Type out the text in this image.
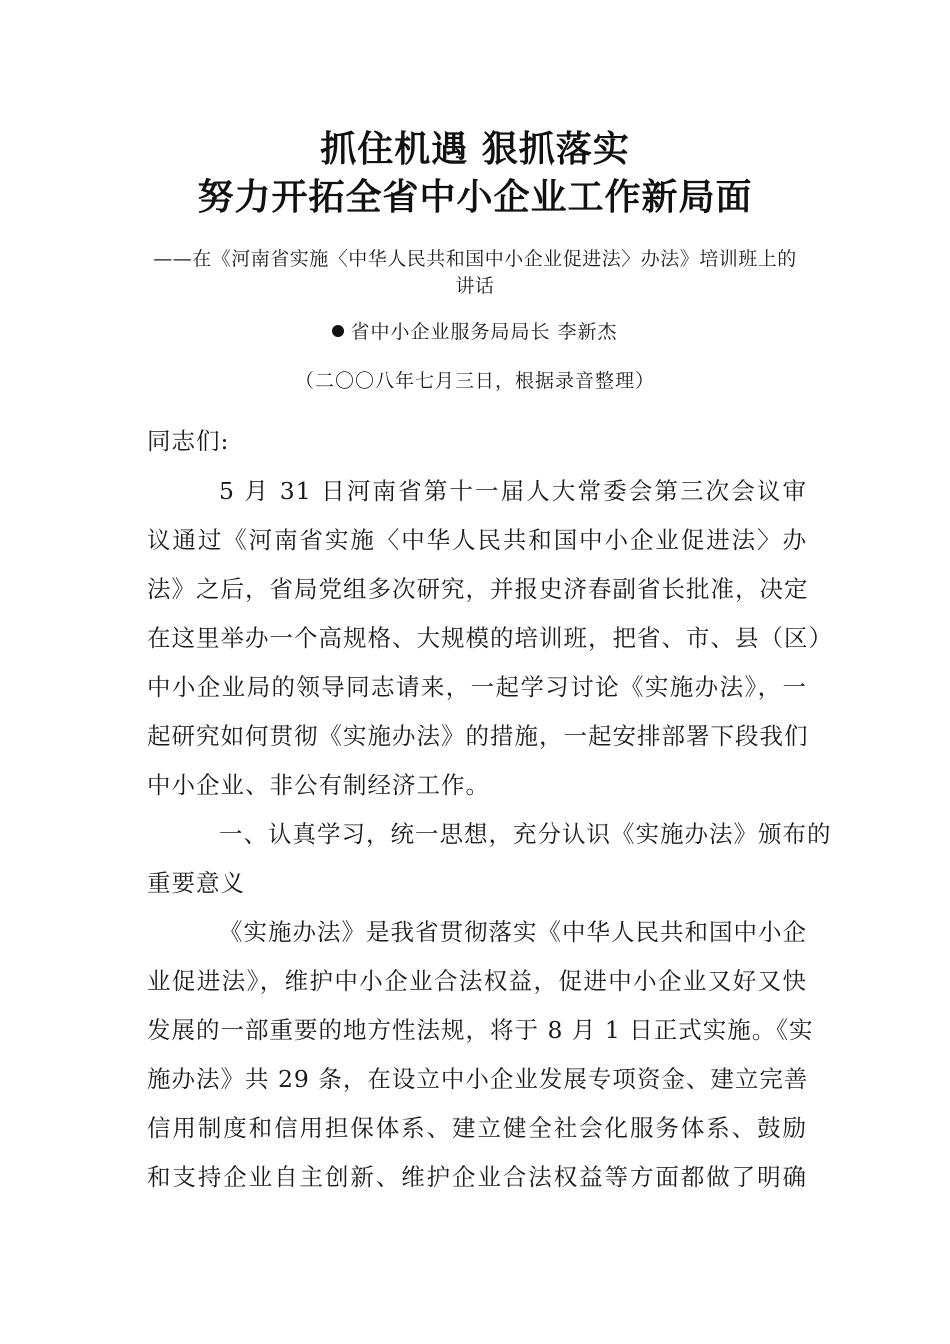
抓住机遇 狠抓落实
努力开拓全省中小企业工作新局面
——在《河南省实施〈中华人民共和国中小企业促进法〉办法》培训班上的讲话
省中小企业服务局局长 李新杰
（二〇〇八年七月三日，根据录音整理）
同志们:
5 月 31 日河南省第十一届人大常委会第三次会议审
议通过《河南省实施〈中华人民共和国中小企业促进法〉办
法》之后，省局党组多次研究，并报史济春副省长批准，决定
在这里举办一个高规格、大规模的培训班，把省、市、县（区）
中小企业局的领导同志请来，一起学习讨论《实施办法》，一
起研究如何贯彻《实施办法》的措施，一起安排部署下段我们
中小企业、非公有制经济工作。
一、认真学习，统一思想，充分认识《实施办法》颁布的
重要意义
《实施办法》是我省贯彻落实《中华人民共和国中小企
业促进法》，维护中小企业合法权益，促进中小企业又好又快
发展的一部重要的地方性法规，将于 8 月 1 日正式实施。《实
施办法》共 29 条，在设立中小企业发展专项资金、建立完善
信用制度和信用担保体系、建立健全社会化服务体系、鼓励
和支持企业自主创新、维护企业合法权益等方面都做了明确
